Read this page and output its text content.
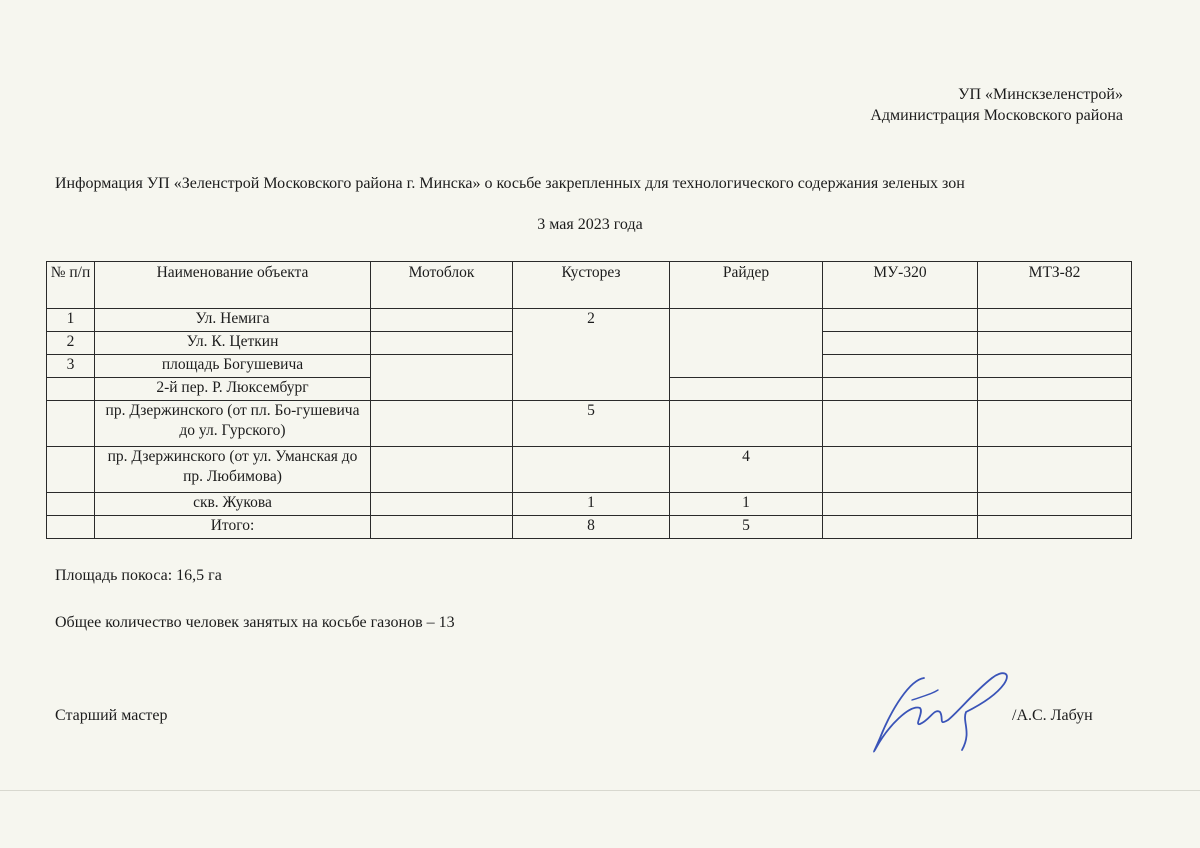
УП «Минскзеленстрой»
Администрация Московского района
Информация УП «Зеленстрой Московского района г. Минска» о косьбе закрепленных для технологического содержания зеленых зон
3 мая 2023 года
№ п/п	Наименование объекта	Мотоблок	Кусторез	Райдер	МУ-320	МТЗ-82
1	Ул. Немига		2			
2	Ул. К. Цеткин					
3	площадь Богушевича					
	2-й пер. Р. Люксембург					
	пр. Дзержинского (от пл. Бо-гушевича до ул. Гурского)		5			
	пр. Дзержинского (от ул. Уманская до пр. Любимова)			4		
	скв. Жукова		1	1		
	Итого:		8	5		
Площадь покоса: 16,5 га
Общее количество человек занятых на косьбе газонов – 13
Старший мастер	/А.С. Лабун
